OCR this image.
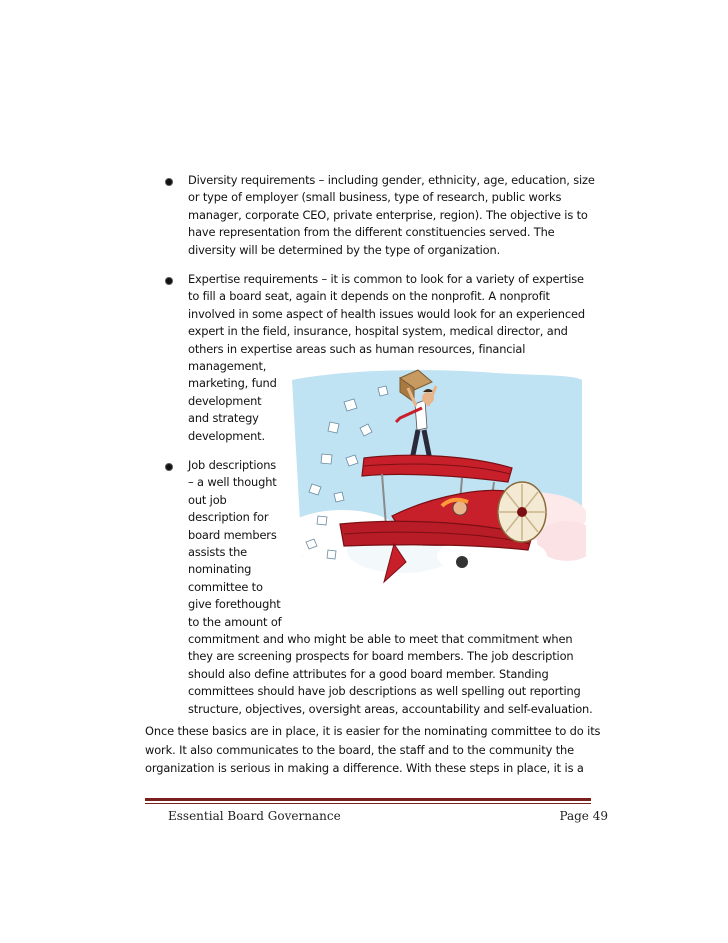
Diversity requirements – including gender, ethnicity, age, education, size
or type of employer (small business, type of research, public works
manager, corporate CEO, private enterprise, region). The objective is to
have representation from the different constituencies served. The
diversity will be determined by the type of organization.
Expertise requirements – it is common to look for a variety of expertise
to fill a board seat, again it depends on the nonprofit. A nonprofit
involved in some aspect of health issues would look for an experienced
expert in the field, insurance, hospital system, medical director, and
others in expertise areas such as human resources, financial
management,
marketing, fund
development
and strategy
development.
Job descriptions
– a well thought
out job
description for
board members
assists the
nominating
committee to
give forethought
to the amount of
commitment and who might be able to meet that commitment when
they are screening prospects for board members. The job description
should also define attributes for a good board member. Standing
committees should have job descriptions as well spelling out reporting
structure, objectives, oversight areas, accountability and self-evaluation.
Once these basics are in place, it is easier for the nominating committee to do its
work. It also communicates to the board, the staff and to the community the
organization is serious in making a difference. With these steps in place, it is a
Essential Board Governance	Page 49
